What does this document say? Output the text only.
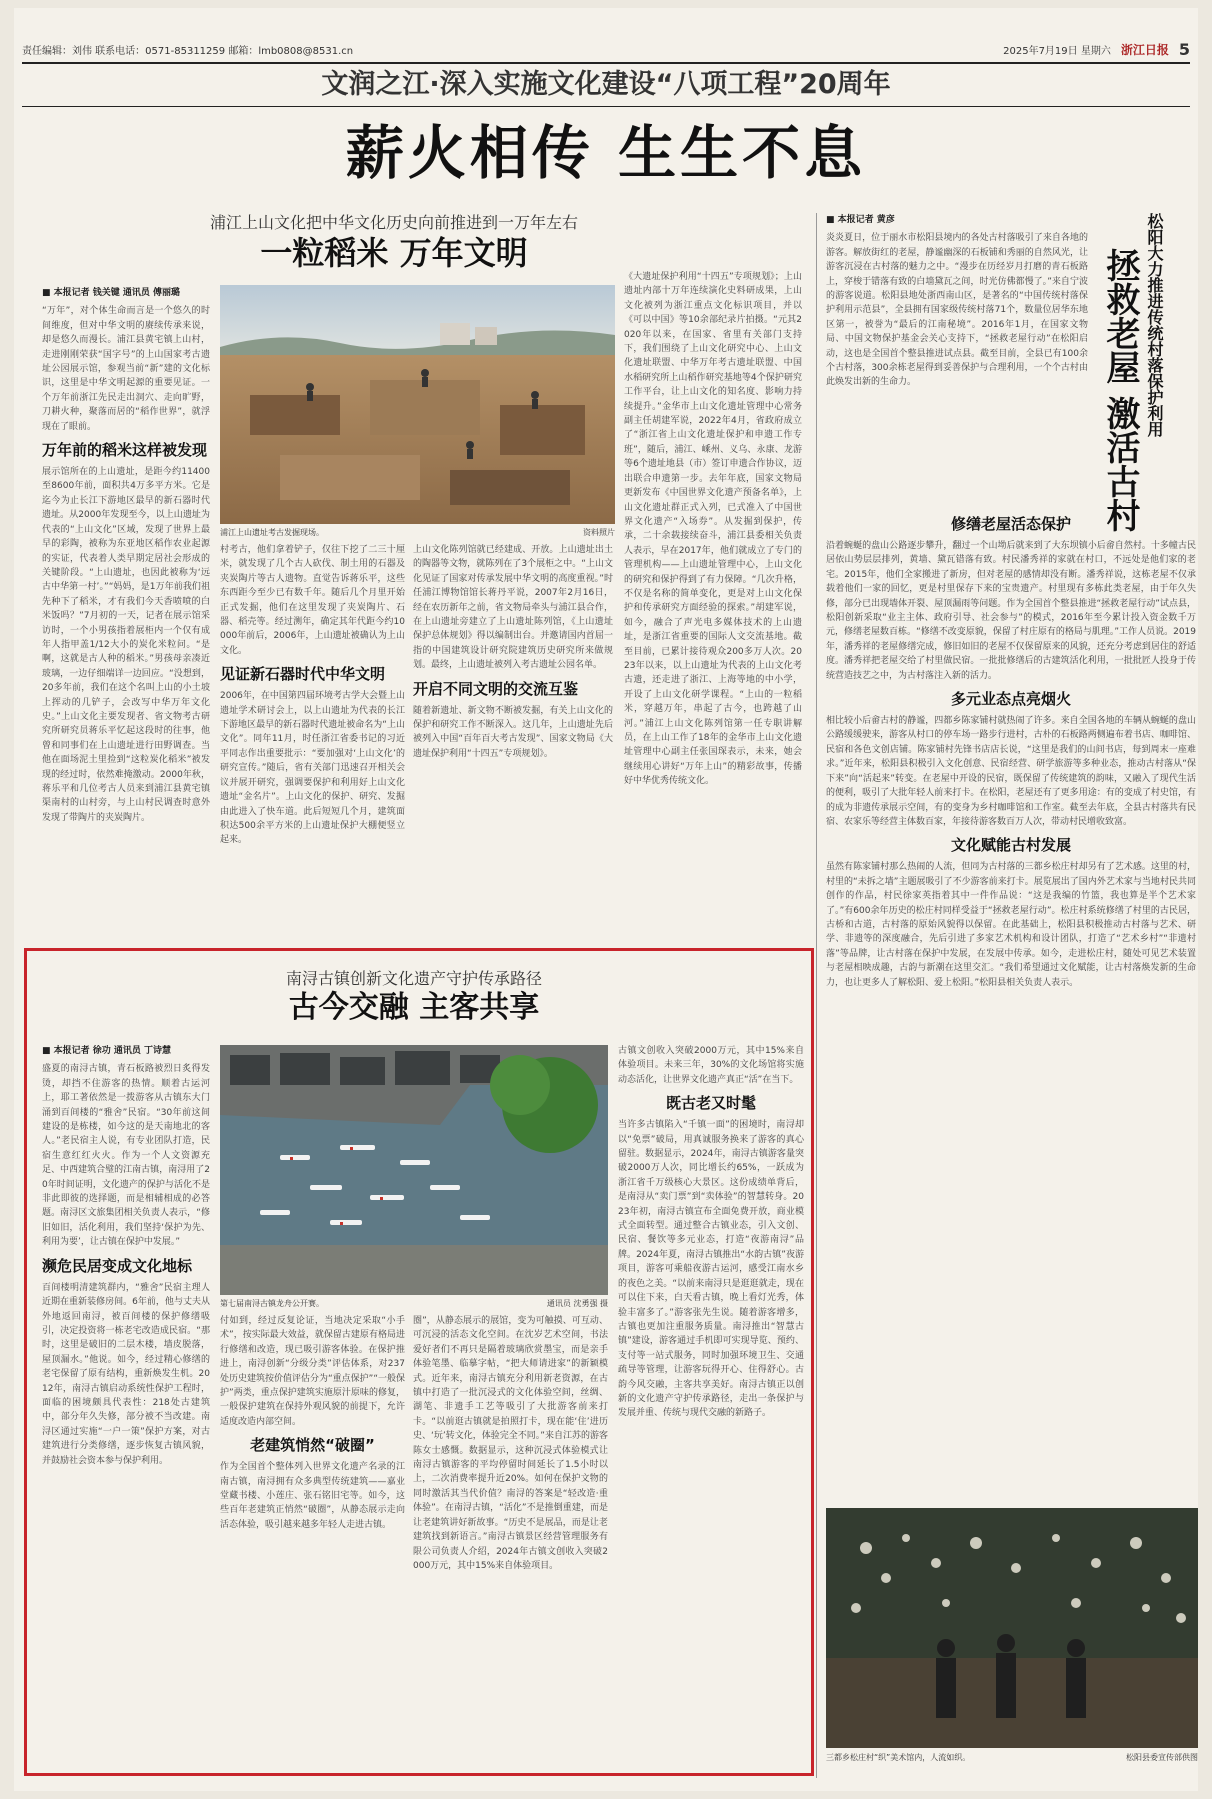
责任编辑：刘伟 联系电话：0571-85311259 邮箱：lmb0808@8531.cn	2025年7月19日 星期六 浙江日报 5
文润之江·深入实施文化建设“八项工程”20周年
薪火相传 生生不息
浦江上山文化把中华文化历史向前推进到一万年左右
一粒稻米 万年文明
浦江上山遗址考古发掘现场。	资料照片
■ 本报记者 钱关键 通讯员 傅丽璐

“万年”，对个体生命而言是一个悠久的时间维度，但对中华文明的赓续传承来说，却是悠久而漫长。浦江县黄宅镇上山村，走进刚刚荣获“国字号”的上山国家考古遗址公园展示馆，参观当前“新”建的文化标识，这里是中华文明起源的重要见证。一个万年前浙江先民走出洞穴、走向旷野，刀耕火种，聚落而居的“稻作世界”，就浮现在了眼前。

万年前的稻米这样被发现

展示馆所在的上山遗址，是距今约11400至8600年前，面积共4万多平方米。它是迄今为止长江下游地区最早的新石器时代遗址。从2000年发现至今，以上山遗址为代表的“上山文化”区域，发现了世界上最早的彩陶，被称为东亚地区稻作农业起源的实证，代表着人类早期定居社会形成的关键阶段。“上山遗址，也因此被称为‘远古中华第一村’。”“妈妈，是1万年前我们祖先种下了稻米，才有我们今天香喷喷的白米饭吗？”7月初的一天，记者在展示馆采访时，一个小男孩指着展柜内一个仅有成年人指甲盖1/12大小的炭化米粒问。“是啊，这就是古人种的稻米。”男孩母亲凑近玻璃，一边仔细端详一边回应。“没想到，20多年前，我们在这个名叫上山的小土坡上挥动的几铲子，会改写中华万年文化史。”上山文化主要发现者、省文物考古研究所研究员蒋乐平忆起这段时的往事，他曾和同事们在上山遗址进行田野调查。当他在面场泥土里捡到“这粒炭化稻米”被发现的经过时，依然难掩激动。2000年秋，蒋乐平和几位考古人员来到浦江县黄宅镇渠南村的山村旁，与上山村民调查时意外发现了带陶片的夹炭陶片。

村考古，他们拿着铲子，仅往下挖了二三十厘米，就发现了几个古人砍伐、制土用的石器及夹炭陶片等古人遗物。直觉告诉蒋乐平，这些东西距今至少已有数千年。随后几个月里开始正式发掘，他们在这里发现了夹炭陶片、石器、稻壳等。经过测年，确定其年代距今约10000年前后，2006年，上山遗址被确认为上山文化。

见证新石器时代中华文明

2006年，在中国第四届环境考古学大会暨上山遗址学术研讨会上，以上山遗址为代表的长江下游地区最早的新石器时代遗址被命名为“上山文化”。同年11月，时任浙江省委书记的习近平同志作出重要批示：“要加强对‘上山文化’的研究宣传。”随后，省有关部门迅速召开相关会议并展开研究，强调要保护和利用好上山文化遗址“金名片”。上山文化的保护、研究、发掘由此进入了快车道。此后短短几个月，建筑面积达500余平方米的上山遗址保护大棚便竖立起来。

上山文化陈列馆就已经建成、开放。上山遗址出土的陶器等文物，就陈列在了3个展柜之中。“上山文化见证了国家对传承发展中华文明的高度重视。”时任浦江博物馆馆长蒋丹平说，2007年2月16日，经在农历新年之前，省文物局牵头与浦江县合作，在上山遗址旁建立了上山遗址陈列馆，《上山遗址保护总体规划》得以编制出台。并邀请国内首屈一指的中国建筑设计研究院建筑历史研究所来做规划。最终，上山遗址被列入考古遗址公园名单。

开启不同文明的交流互鉴

随着新遗址、新文物不断被发掘，有关上山文化的保护和研究工作不断深入。这几年，上山遗址先后被列入中国“百年百大考古发现”、国家文物局《大遗址保护利用“十四五”专项规划》。

《大遗址保护利用“十四五”专项规划》；上山遗址内部十万年连续演化史料研成果，上山文化被列为浙江重点文化标识项目，并以《可以中国》等10余部纪录片拍摄。“元其2020年以来，在国家、省里有关部门支持下，我们围绕了上山文化研究中心、上山文化遗址联盟、中华万年考古遗址联盟、中国水稻研究所上山稻作研究基地等4个保护研究工作平台，让上山文化的知名度、影响力持续提升。”金华市上山文化遗址管理中心常务副主任胡建军说，2022年4月，省政府成立了“浙江省上山文化遗址保护和申遗工作专班”，随后，浦江、嵊州、义乌、永康、龙游等6个遗址地县（市）签订申遗合作协议，迈出联合申遗第一步。去年年底，国家文物局更新发布《中国世界文化遗产预备名单》，上山文化遗址群正式入列，已式准入了中国世界文化遗产“入场券”。从发掘到保护，传承，二十余载接续奋斗，浦江县委相关负责人表示，早在2017年，他们就成立了专门的管理机构——上山遗址管理中心，上山文化的研究和保护得到了有力保障。“几次升格，不仅是名称的简单变化，更是对上山文化保护和传承研究方面经验的探索。”胡建军说，如今，融合了声光电多媒体技术的上山遗址，是浙江省重要的国际人文交流基地。截至目前，已累计接待观众200多万人次。2023年以来，以上山遗址为代表的上山文化考古遗，还走进了浙江、上海等地的中小学，开设了上山文化研学课程。“上山的一粒稻米，穿越万年，串起了古今，也跨越了山河。”浦江上山文化陈列馆第一任专职讲解员，在上山工作了18年的金华市上山文化遗址管理中心副主任张国琛表示，未来，她会继续用心讲好“万年上山”的精彩故事，传播好中华优秀传统文化。

松阳大力推进传统村落保护利用
拯救老屋 激活古村
■ 本报记者 黄彦

炎炎夏日，位于丽水市松阳县境内的各处古村落吸引了来自各地的游客。解放街红的老屋，静谧幽深的石板铺和秀丽的自然风光，让游客沉浸在古村落的魅力之中。“漫步在历经岁月打磨的青石板路上，穿梭于错落有致的白墙黛瓦之间，时光仿佛都慢了。”来自宁波的游客说道。松阳县地处浙西南山区，是著名的“中国传统村落保护利用示范县”，全县拥有国家级传统村落71个，数量位居华东地区第一，被誉为“最后的江南秘境”。2016年1月，在国家文物局、中国文物保护基金会关心支持下，“拯救老屋行动”在松阳启动，这也是全国首个整县推进试点县。截至目前，全县已有100余个古村落，300余栋老屋得到妥善保护与合理利用，一个个古村由此焕发出新的生命力。

修缮老屋活态保护

沿着蜿蜒的盘山公路逐步攀升，翻过一个山坳后就来到了大东坝镇小后畲自然村。十多幢古民居依山势层层排列，黄墙、黛瓦错落有致。村民潘秀祥的家就在村口，不远处是他们家的老宅。2015年，他们全家搬进了新房，但对老屋的感情却没有断。潘秀祥说，这栋老屋不仅承载着他们一家的回忆，更是村里保存下来的宝贵遗产。村里现有多栋此类老屋，由于年久失修，部分已出现墙体开裂、屋顶漏雨等问题。作为全国首个整县推进“拯救老屋行动”试点县，松阳创新采取“业主主体、政府引导、社会参与”的模式，2016年至今累计投入资金数千万元，修缮老屋数百栋。“修缮不改变原貌，保留了村庄原有的格局与肌理。”工作人员说。2019年，潘秀祥的老屋修缮完成，修旧如旧的老屋不仅保留原来的风貌，还充分考虑到居住的舒适度。潘秀祥把老屋交给了村里做民宿。一批批修缮后的古建筑活化利用，一批批匠人投身于传统营造技艺之中，为古村落注入新的活力。

多元业态点亮烟火

相比较小后畲古村的静谧，四都乡陈家铺村就热闹了许多。来自全国各地的车辆从蜿蜒的盘山公路缓缓驶来，游客从村口的停车场一路步行进村，古朴的石板路两侧遍布着书店、咖啡馆、民宿和各色文创店铺。陈家铺村先锋书店店长说，“这里是我们的山间书店，每到周末一座难求。”近年来，松阳县积极引入文化创意、民宿经营、研学旅游等多种业态，推动古村落从“保下来”向“活起来”转变。在老屋中开设的民宿，既保留了传统建筑的韵味，又融入了现代生活的便利，吸引了大批年轻人前来打卡。在松阳，老屋还有了更多用途：有的变成了村史馆，有的成为非遗传承展示空间，有的变身为乡村咖啡馆和工作室。截至去年底，全县古村落共有民宿、农家乐等经营主体数百家，年接待游客数百万人次，带动村民增收致富。

文化赋能古村发展

虽然有陈家铺村那么热闹的人流，但同为古村落的三都乡松庄村却另有了艺术感。这里的村，村里的“未拆之墙”主题展吸引了不少游客前来打卡。展览展出了国内外艺术家与当地村民共同创作的作品，村民徐家英指着其中一件作品说：“这是我编的竹篮，我也算是半个艺术家了。”有600余年历史的松庄村同样受益于“拯救老屋行动”。松庄村系统修缮了村里的古民居，古桥和古道，古村落的原始风貌得以保留。在此基础上，松阳县积极推动古村落与艺术、研学、非遗等的深度融合，先后引进了多家艺术机构和设计团队，打造了“艺术乡村”“非遗村落”等品牌，让古村落在保护中发展，在发展中传承。如今，走进松庄村，随处可见艺术装置与老屋相映成趣，古韵与新潮在这里交汇。“我们希望通过文化赋能，让古村落焕发新的生命力，也让更多人了解松阳、爱上松阳。”松阳县相关负责人表示。

三都乡松庄村“织”美术馆内，人流如织。	松阳县委宣传部供图
南浔古镇创新文化遗产守护传承路径
古今交融 主客共享
第七届南浔古镇龙舟公开赛。	通讯员 沈勇强 摄
■ 本报记者 徐功 通讯员 丁诗慧

盛夏的南浔古镇，青石板路被烈日炙得发烫，却挡不住游客的热情。顺着古运河上，耶工著依然是一拨游客从古镇东大门涌到百间楼的“雅舍”民宿。“30年前这间建设的是栋楼，如今这的是天南地北的客人。”老民宿主人说，有专业团队打造，民宿生意红红火火。作为一个人文资源充足、中西建筑合璧的江南古镇，南浔用了20年时间证明，文化遗产的保护与活化不是非此即彼的选择题，而是相辅相成的必答题。南浔区文旅集团相关负责人表示，“修旧如旧，活化利用，我们坚持‘保护为先、利用为要’，让古镇在保护中发展。”

濒危民居变成文化地标

百间楼明清建筑群内，“雅舍”民宿主理人近期在重新装修房间。6年前，他与丈夫从外地返回南浔，被百间楼的保护修缮吸引，决定投资将一栋老宅改造成民宿。“那时，这里是破旧的二层木楼，墙皮脱落，屋顶漏水。”他说。如今，经过精心修缮的老宅保留了原有结构，重新焕发生机。2012年，南浔古镇启动系统性保护工程时，面临的困境颇具代表性：218处古建筑中，部分年久失修，部分被不当改建。南浔区通过实施“一户一策”保护方案，对古建筑进行分类修缮，逐步恢复古镇风貌，并鼓励社会资本参与保护利用。

付如到，经过反复论证，当地决定采取“小手术”，按实际最大效益，就保留古建原有格局进行修缮和改造，现已吸引游客体验。在保护推进上，南浔创新“分级分类”评估体系，对237处历史建筑按价值评估分为“重点保护”“一般保护”两类，重点保护建筑实施原汁原味的修复，一般保护建筑在保持外观风貌的前提下，允许适度改造内部空间。

老建筑悄然“破圈”

作为全国首个整体列入世界文化遗产名录的江南古镇，南浔拥有众多典型传统建筑——嘉业堂藏书楼、小莲庄、张石铭旧宅等。如今，这些百年老建筑正悄然“破圈”，从静态展示走向活态体验，吸引越来越多年轻人走进古镇。

圈”，从静态展示的展馆，变为可触摸、可互动、可沉浸的活态文化空间。在沈岁艺术空间，书法爱好者们不再只是隔着玻璃欣赏墨宝，而是亲手体验笔墨、临摹字帖，“把大师请进家”的新颖模式。近年来，南浔古镇充分利用新老资源，在古镇中打造了一批沉浸式的文化体验空间，丝绸、湖笔、非遗手工艺等吸引了大批游客前来打卡。“以前逛古镇就是拍照打卡，现在能‘住’进历史、‘玩’转文化，体验完全不同。”来自江苏的游客陈女士感慨。数据显示，这种沉浸式体验模式让南浔古镇游客的平均停留时间延长了1.5小时以上，二次消费率提升近20%。如何在保护文物的同时激活其当代价值？南浔的答案是“轻改造·重体验”。在南浔古镇，“活化”不是推倒重建，而是让老建筑讲好新故事。“历史不是展品，而是让老建筑找到新语言。”南浔古镇景区经营管理服务有限公司负责人介绍，2024年古镇文创收入突破2000万元，其中15%来自体验项目。

古镇文创收入突破2000万元，其中15%来自体验项目。未来三年，30%的文化场馆将实施动态活化，让世界文化遗产真正“活”在当下。

既古老又时髦

当许多古镇陷入“千镇一面”的困境时，南浔却以“免票”破局，用真诚服务换来了游客的真心留驻。数据显示，2024年，南浔古镇游客量突破2000万人次，同比增长约65%，一跃成为浙江省千万级核心大景区。这份成绩单背后，是南浔从“卖门票”到“卖体验”的智慧转身。2023年初，南浔古镇宣布全面免费开放，商业模式全面转型。通过整合古镇业态，引入文创、民宿、餐饮等多元业态，打造“夜游南浔”品牌。2024年夏，南浔古镇推出“水韵古镇”夜游项目，游客可乘船夜游古运河，感受江南水乡的夜色之美。“以前来南浔只是逛逛就走，现在可以住下来，白天看古镇，晚上看灯光秀，体验丰富多了。”游客张先生说。随着游客增多，古镇也更加注重服务质量。南浔推出“智慧古镇”建设，游客通过手机即可实现导览、预约、支付等一站式服务，同时加强环境卫生、交通疏导等管理，让游客玩得开心、住得舒心。古韵今风交融，主客共享美好。南浔古镇正以创新的文化遗产守护传承路径，走出一条保护与发展并重、传统与现代交融的新路子。
